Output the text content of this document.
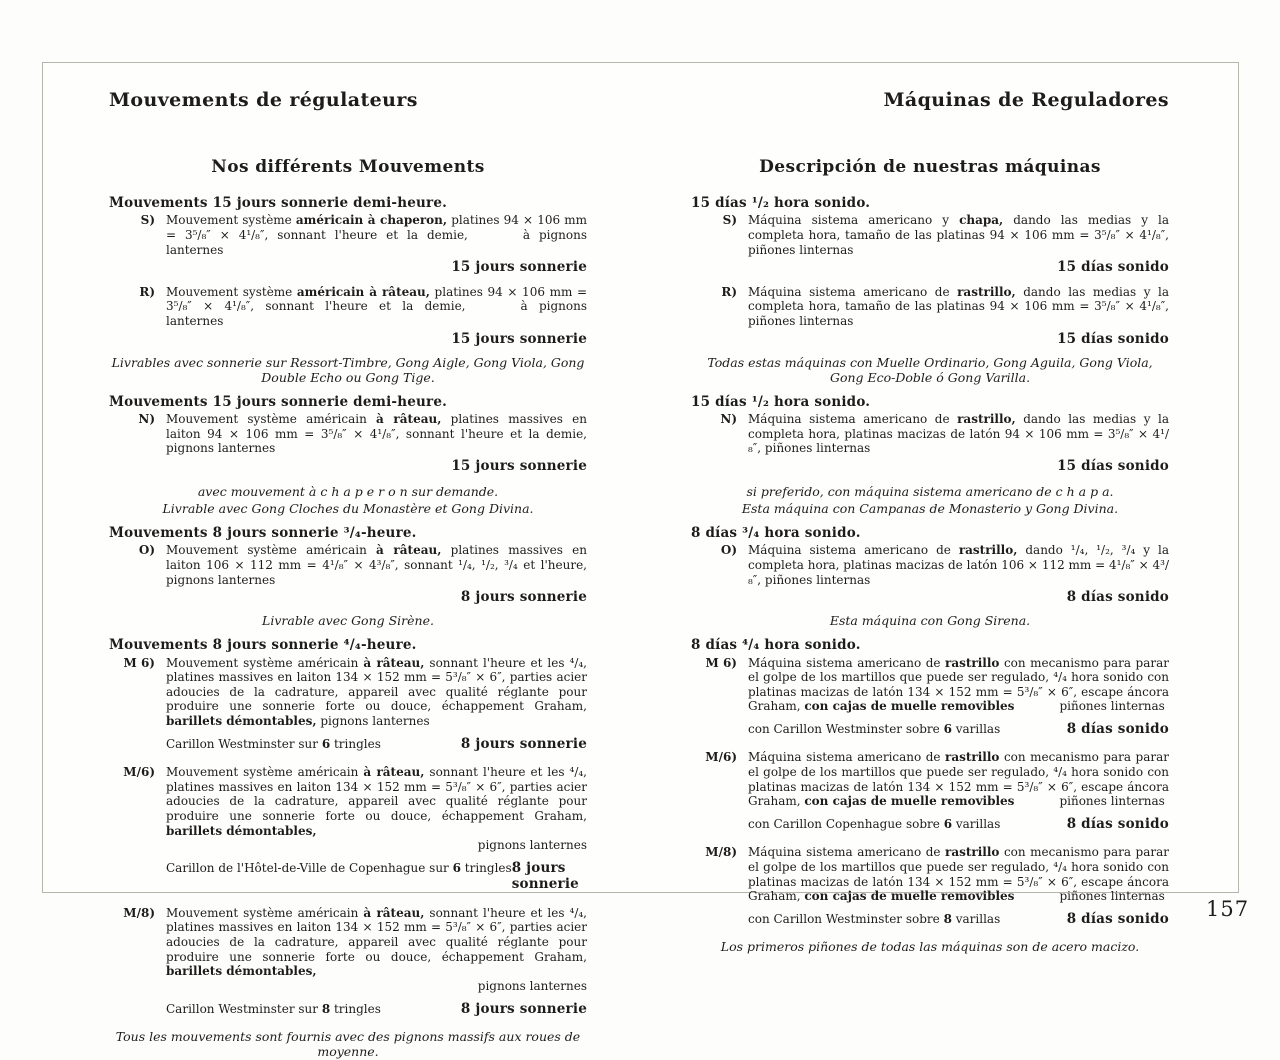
Mouvements de régulateurs
Nos différents Mouvements
Mouvements 15 jours sonnerie demi-heure.
S) Mouvement système américain à chaperon, platines 94 × 106 mm = 3⁵/₈″ × 4¹/₈″, sonnant l'heure et la demie,	à pignons lanternes
15 jours sonnerie
R) Mouvement système américain à râteau, platines 94 × 106 mm = 3⁵/₈″ × 4¹/₈″, sonnant l'heure et la demie,	à pignons lanternes
15 jours sonnerie
Livrables avec sonnerie sur Ressort-Timbre, Gong Aigle, Gong Viola, Gong Double Echo ou Gong Tige.
Mouvements 15 jours sonnerie demi-heure.
N) Mouvement système américain à râteau, platines massives en laiton 94 × 106 mm = 3⁵/₈″ × 4¹/₈″, sonnant l'heure et la demie, pignons lanternes
15 jours sonnerie
avec mouvement à c h a p e r o n sur demande.
Livrable avec Gong Cloches du Monastère et Gong Divina.
Mouvements 8 jours sonnerie ³/₄-heure.
O) Mouvement système américain à râteau, platines massives en laiton 106 × 112 mm = 4¹/₈″ × 4³/₈″, sonnant ¹/₄, ¹/₂, ³/₄ et l'heure, pignons lanternes
8 jours sonnerie
Livrable avec Gong Sirène.
Mouvements 8 jours sonnerie ⁴/₄-heure.
M 6) Mouvement système américain à râteau, sonnant l'heure et les ⁴/₄, platines massives en laiton 134 × 152 mm = 5³/₈″ × 6″, parties acier adoucies de la cadrature, appareil avec qualité réglante pour produire une sonnerie forte ou douce, échappement Graham, barillets démontables, pignons lanternes
Carillon Westminster sur 6 tringles	8 jours sonnerie
M/6) Mouvement système américain à râteau, sonnant l'heure et les ⁴/₄, platines massives en laiton 134 × 152 mm = 5³/₈″ × 6″, parties acier adoucies de la cadrature, appareil avec qualité réglante pour produire une sonnerie forte ou douce, échappement Graham, barillets démontables,
pignons lanternes
Carillon de l'Hôtel-de-Ville de Copenhague sur 6 tringles 8 jours sonnerie
M/8) Mouvement système américain à râteau, sonnant l'heure et les ⁴/₄, platines massives en laiton 134 × 152 mm = 5³/₈″ × 6″, parties acier adoucies de la cadrature, appareil avec qualité réglante pour produire une sonnerie forte ou douce, échappement Graham, barillets démontables,
pignons lanternes
Carillon Westminster sur 8 tringles	8 jours sonnerie
Tous les mouvements sont fournis avec des pignons massifs aux roues de moyenne.
Máquinas de Reguladores
Descripción de nuestras máquinas
15 días ¹/₂ hora sonido.
S) Máquina sistema americano y chapa, dando las medias y la completa hora, tamaño de las platinas 94 × 106 mm = 3⁵/₈″ × 4¹/₈″, piñones linternas
15 días sonido
R) Máquina sistema americano de rastrillo, dando las medias y la completa hora, tamaño de las platinas 94 × 106 mm = 3⁵/₈″ × 4¹/₈″, piñones linternas
15 días sonido
Todas estas máquinas con Muelle Ordinario, Gong Aguila, Gong Viola, Gong Eco-Doble ó Gong Varilla.
15 días ¹/₂ hora sonido.
N) Máquina sistema americano de rastrillo, dando las medias y la completa hora, platinas macizas de latón 94 × 106 mm = 3⁵/₈″ × 4¹/₈″, piñones linternas
15 días sonido
si preferido, con máquina sistema americano de c h a p a.
Esta máquina con Campanas de Monasterio y Gong Divina.
8 días ³/₄ hora sonido.
O) Máquina sistema americano de rastrillo, dando ¹/₄, ¹/₂, ³/₄ y la completa hora, platinas macizas de latón 106 × 112 mm = 4¹/₈″ × 4³/₈″, piñones linternas
8 días sonido
Esta máquina con Gong Sirena.
8 días ⁴/₄ hora sonido.
M 6) Máquina sistema americano de rastrillo con mecanismo para parar el golpe de los martillos que puede ser regulado, ⁴/₄ hora sonido con platinas macizas de latón 134 × 152 mm = 5³/₈″ × 6″, escape áncora Graham, con cajas de muelle removibles	piñones linternas
con Carillon Westminster sobre 6 varillas	8 días sonido
M/6) Máquina sistema americano de rastrillo con mecanismo para parar el golpe de los martillos que puede ser regulado, ⁴/₄ hora sonido con platinas macizas de latón 134 × 152 mm = 5³/₈″ × 6″, escape áncora Graham, con cajas de muelle removibles	piñones linternas
con Carillon Copenhague sobre 6 varillas	8 días sonido
M/8) Máquina sistema americano de rastrillo con mecanismo para parar el golpe de los martillos que puede ser regulado, ⁴/₄ hora sonido con platinas macizas de latón 134 × 152 mm = 5³/₈″ × 6″, escape áncora Graham, con cajas de muelle removibles	piñones linternas
con Carillon Westminster sobre 8 varillas	8 días sonido
Los primeros piñones de todas las máquinas son de acero macizo.
157
